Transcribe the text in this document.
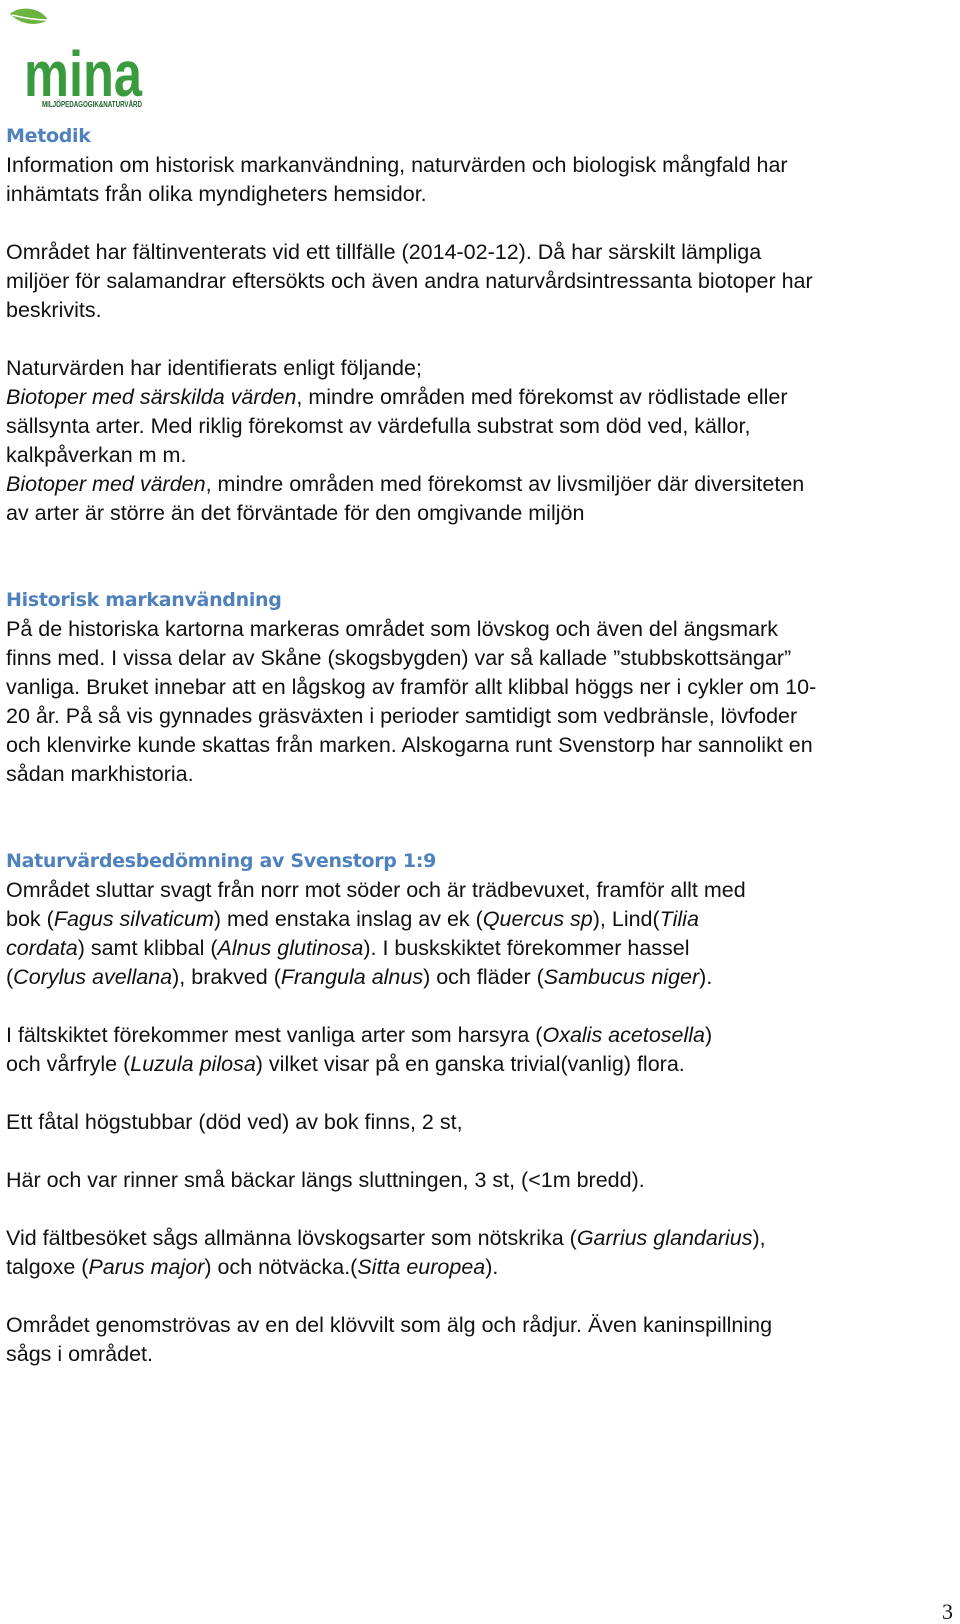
mina
MILJÖPEDAGOGIK&NATURVÅRD
Metodik

Information om historisk markanvändning, naturvärden och biologisk mångfald har
inhämtats från olika myndigheters hemsidor.

Området har fältinventerats vid ett tillfälle (2014-02-12). Då har särskilt lämpliga
miljöer för salamandrar eftersökts och även andra naturvårdsintressanta biotoper har
beskrivits.

Naturvärden har identifierats enligt följande;
Biotoper med särskilda värden, mindre områden med förekomst av rödlistade eller
sällsynta arter. Med riklig förekomst av värdefulla substrat som död ved, källor,
kalkpåverkan m m.
Biotoper med värden, mindre områden med förekomst av livsmiljöer där diversiteten
av arter är större än det förväntade för den omgivande miljön

Historisk markanvändning

På de historiska kartorna markeras området som lövskog och även del ängsmark
finns med. I vissa delar av Skåne (skogsbygden) var så kallade ”stubbskottsängar”
vanliga. Bruket innebar att en lågskog av framför allt klibbal höggs ner i cykler om 10-
20 år. På så vis gynnades gräsväxten i perioder samtidigt som vedbränsle, lövfoder
och klenvirke kunde skattas från marken. Alskogarna runt Svenstorp har sannolikt en
sådan markhistoria.

Naturvärdesbedömning av Svenstorp 1:9

Området sluttar svagt från norr mot söder och är trädbevuxet, framför allt med
bok (Fagus silvaticum) med enstaka inslag av ek (Quercus sp), Lind(Tilia
cordata) samt klibbal (Alnus glutinosa). I buskskiktet förekommer hassel
(Corylus avellana), brakved (Frangula alnus) och fläder (Sambucus niger).

I fältskiktet förekommer mest vanliga arter som harsyra (Oxalis acetosella)
och vårfryle (Luzula pilosa) vilket visar på en ganska trivial(vanlig) flora.

Ett fåtal högstubbar (död ved) av bok finns, 2 st,

Här och var rinner små bäckar längs sluttningen, 3 st, (<1m bredd).

Vid fältbesöket sågs allmänna lövskogsarter som nötskrika (Garrius glandarius),
talgoxe (Parus major) och nötväcka.(Sitta europea).

Området genomströvas av en del klövvilt som älg och rådjur. Även kaninspillning
sågs i området.

3
